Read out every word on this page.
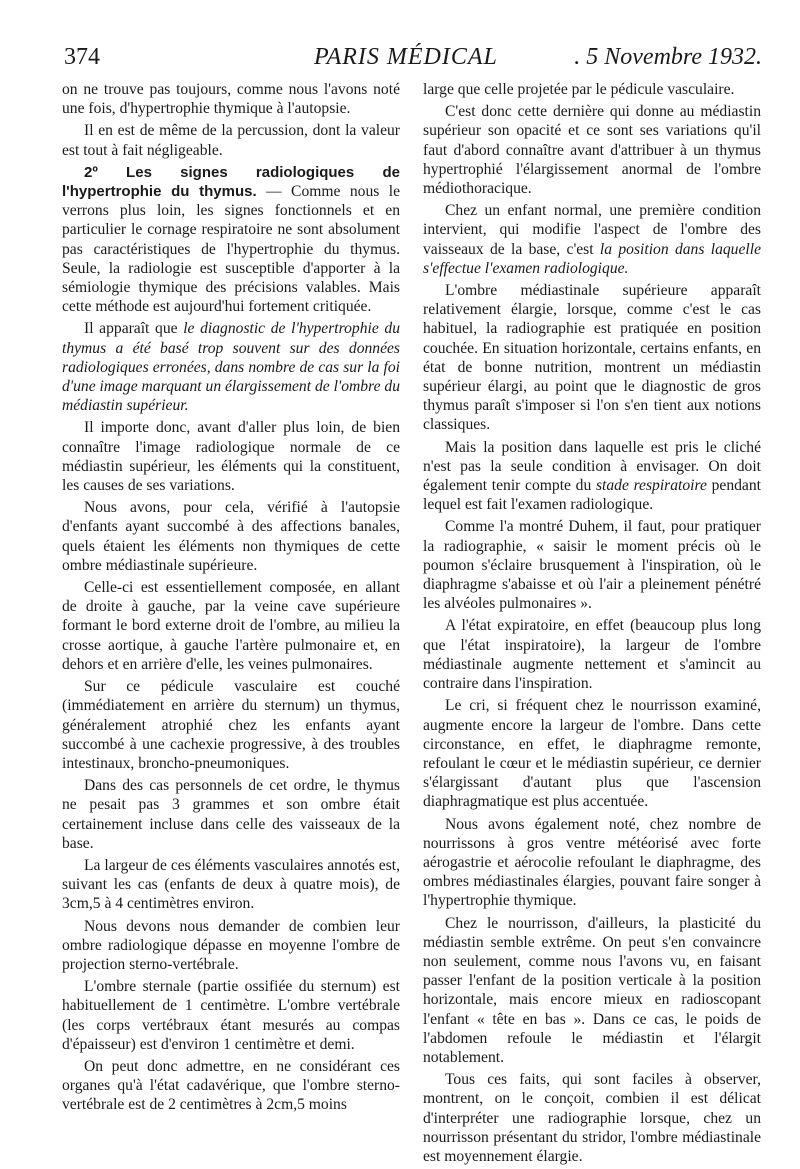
374	PARIS MÉDICAL	. 5 Novembre 1932.

on ne trouve pas toujours, comme nous l'avons noté une fois, d'hypertrophie thymique à l'autopsie.

Il en est de même de la percussion, dont la valeur est tout à fait négligeable.

2º Les signes radiologiques de l'hypertrophie du thymus. — Comme nous le verrons plus loin, les signes fonctionnels et en particulier le cornage respiratoire ne sont absolument pas caractéristiques de l'hypertrophie du thymus. Seule, la radiologie est susceptible d'apporter à la sémiologie thymique des précisions valables. Mais cette méthode est aujourd'hui fortement critiquée.

Il apparaît que le diagnostic de l'hypertrophie du thymus a été basé trop souvent sur des données radiologiques erronées, dans nombre de cas sur la foi d'une image marquant un élargissement de l'ombre du médiastin supérieur.

Il importe donc, avant d'aller plus loin, de bien connaître l'image radiologique normale de ce médiastin supérieur, les éléments qui la constituent, les causes de ses variations.

Nous avons, pour cela, vérifié à l'autopsie d'enfants ayant succombé à des affections banales, quels étaient les éléments non thymiques de cette ombre médiastinale supérieure.

Celle-ci est essentiellement composée, en allant de droite à gauche, par la veine cave supérieure formant le bord externe droit de l'ombre, au milieu la crosse aortique, à gauche l'artère pulmonaire et, en dehors et en arrière d'elle, les veines pulmonaires.

Sur ce pédicule vasculaire est couché (immédiatement en arrière du sternum) un thymus, généralement atrophié chez les enfants ayant succombé à une cachexie progressive, à des troubles intestinaux, broncho-pneumoniques.

Dans des cas personnels de cet ordre, le thymus ne pesait pas 3 grammes et son ombre était certainement incluse dans celle des vaisseaux de la base.

La largeur de ces éléments vasculaires annotés est, suivant les cas (enfants de deux à quatre mois), de 3cm,5 à 4 centimètres environ.

Nous devons nous demander de combien leur ombre radiologique dépasse en moyenne l'ombre de projection sterno-vertébrale.

L'ombre sternale (partie ossifiée du sternum) est habituellement de 1 centimètre. L'ombre vertébrale (les corps vertébraux étant mesurés au compas d'épaisseur) est d'environ 1 centimètre et demi.

On peut donc admettre, en ne considérant ces organes qu'à l'état cadavérique, que l'ombre sterno-vertébrale est de 2 centimètres à 2cm,5 moins

large que celle projetée par le pédicule vasculaire.

C'est donc cette dernière qui donne au médiastin supérieur son opacité et ce sont ses variations qu'il faut d'abord connaître avant d'attribuer à un thymus hypertrophié l'élargissement anormal de l'ombre médiothoracique.

Chez un enfant normal, une première condition intervient, qui modifie l'aspect de l'ombre des vaisseaux de la base, c'est la position dans laquelle s'effectue l'examen radiologique.

L'ombre médiastinale supérieure apparaît relativement élargie, lorsque, comme c'est le cas habituel, la radiographie est pratiquée en position couchée. En situation horizontale, certains enfants, en état de bonne nutrition, montrent un médiastin supérieur élargi, au point que le diagnostic de gros thymus paraît s'imposer si l'on s'en tient aux notions classiques.

Mais la position dans laquelle est pris le cliché n'est pas la seule condition à envisager. On doit également tenir compte du stade respiratoire pendant lequel est fait l'examen radiologique.

Comme l'a montré Duhem, il faut, pour pratiquer la radiographie, « saisir le moment précis où le poumon s'éclaire brusquement à l'inspiration, où le diaphragme s'abaisse et où l'air a pleinement pénétré les alvéoles pulmonaires ».

A l'état expiratoire, en effet (beaucoup plus long que l'état inspiratoire), la largeur de l'ombre médiastinale augmente nettement et s'amincit au contraire dans l'inspiration.

Le cri, si fréquent chez le nourrisson examiné, augmente encore la largeur de l'ombre. Dans cette circonstance, en effet, le diaphragme remonte, refoulant le cœur et le médiastin supérieur, ce dernier s'élargissant d'autant plus que l'ascension diaphragmatique est plus accentuée.

Nous avons également noté, chez nombre de nourrissons à gros ventre météorisé avec forte aérogastrie et aérocolie refoulant le diaphragme, des ombres médiastinales élargies, pouvant faire songer à l'hypertrophie thymique.

Chez le nourrisson, d'ailleurs, la plasticité du médiastin semble extrême. On peut s'en convaincre non seulement, comme nous l'avons vu, en faisant passer l'enfant de la position verticale à la position horizontale, mais encore mieux en radioscopant l'enfant « tête en bas ». Dans ce cas, le poids de l'abdomen refoule le médiastin et l'élargit notablement.

Tous ces faits, qui sont faciles à observer, montrent, on le conçoit, combien il est délicat d'interpréter une radiographie lorsque, chez un nourrisson présentant du stridor, l'ombre médiastinale est moyennement élargie.
